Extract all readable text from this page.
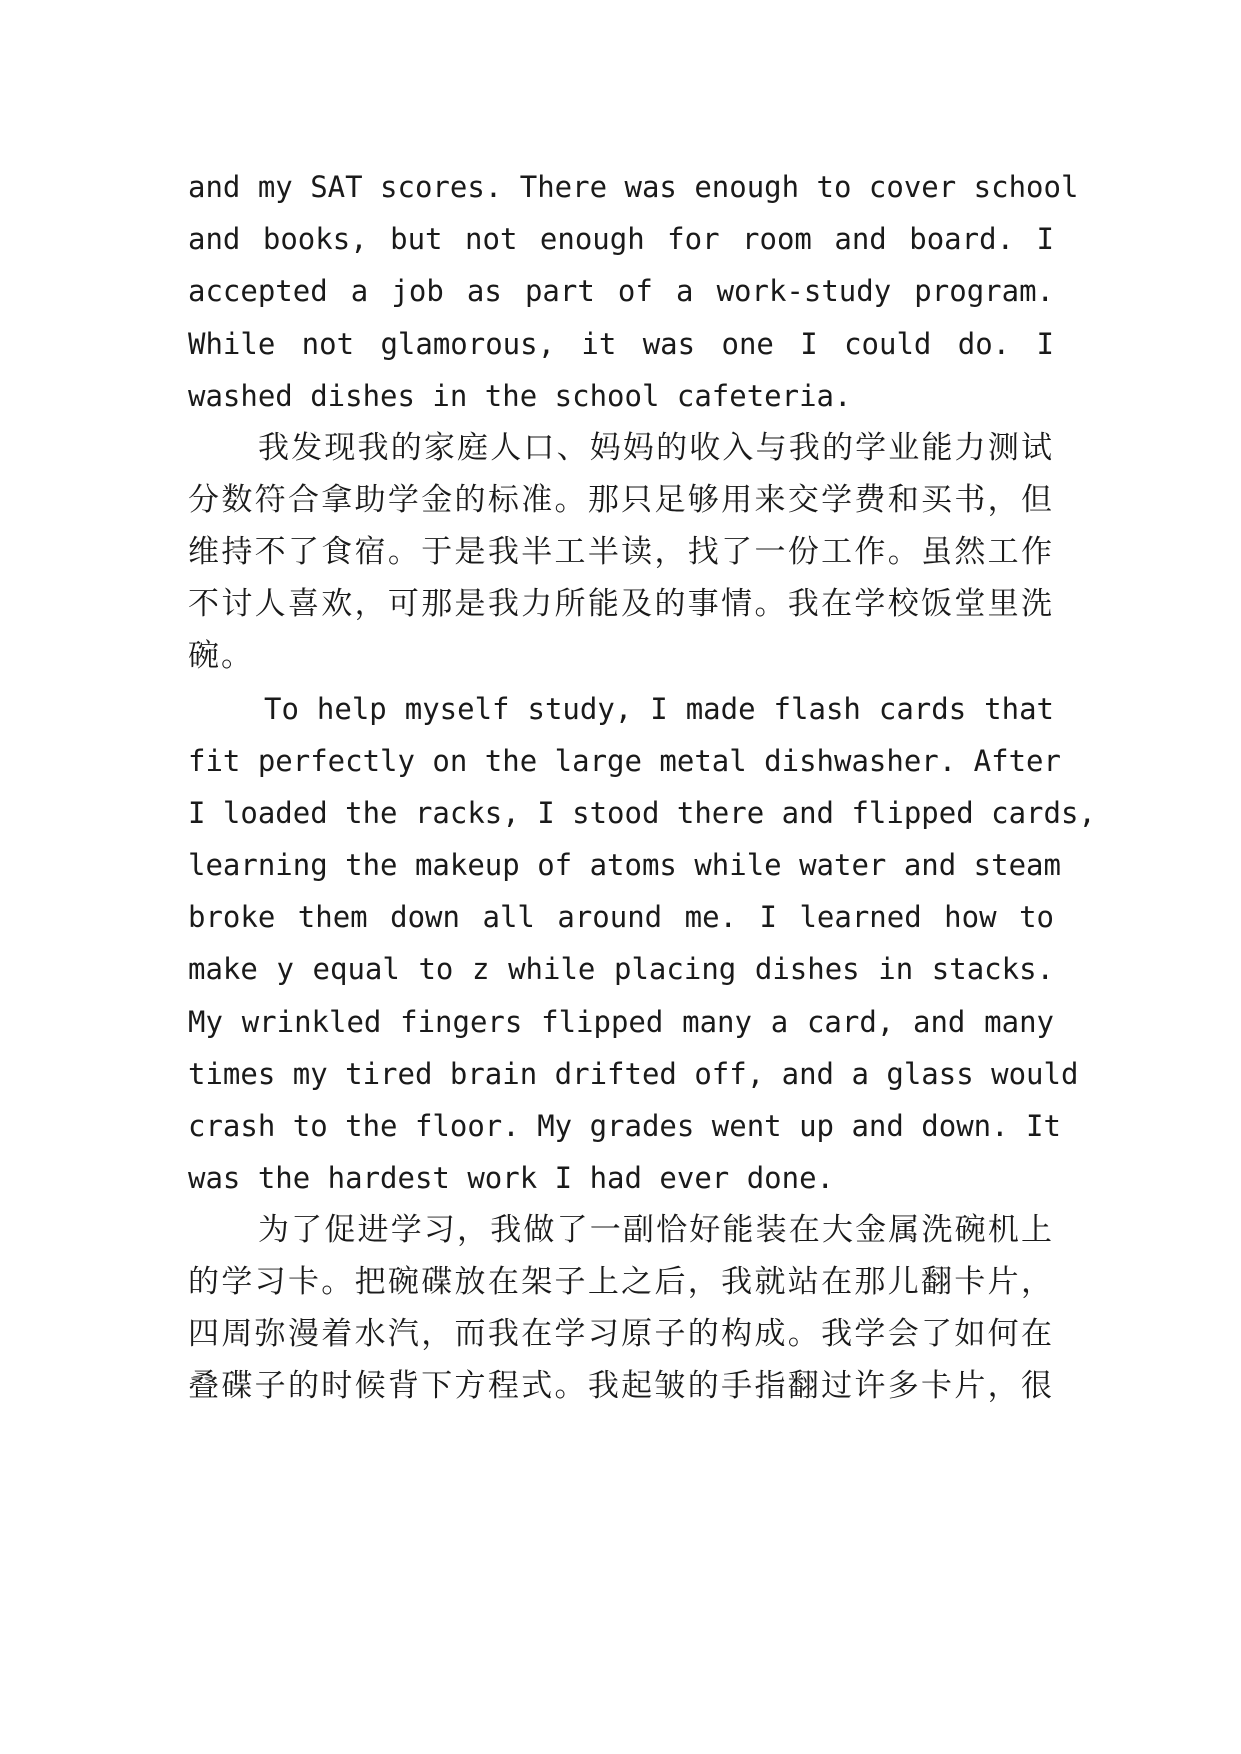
and my SAT scores. There was enough to cover school
and books, but not enough for room and board. I
accepted a job as part of a work-study program.
While not glamorous, it was one I could do. I
washed dishes in the school cafeteria.
我发现我的家庭人口、妈妈的收入与我的学业能力测试
分数符合拿助学金的标准。那只足够用来交学费和买书，但
维持不了食宿。于是我半工半读，找了一份工作。虽然工作
不讨人喜欢，可那是我力所能及的事情。我在学校饭堂里洗
碗。
To help myself study, I made flash cards that
fit perfectly on the large metal dishwasher. After
I loaded the racks, I stood there and flipped cards,
learning the makeup of atoms while water and steam
broke them down all around me. I learned how to
make y equal to z while placing dishes in stacks.
My wrinkled fingers flipped many a card, and many
times my tired brain drifted off, and a glass would
crash to the floor. My grades went up and down. It
was the hardest work I had ever done.
为了促进学习，我做了一副恰好能装在大金属洗碗机上
的学习卡。把碗碟放在架子上之后，我就站在那儿翻卡片，
四周弥漫着水汽，而我在学习原子的构成。我学会了如何在
叠碟子的时候背下方程式。我起皱的手指翻过许多卡片，很
